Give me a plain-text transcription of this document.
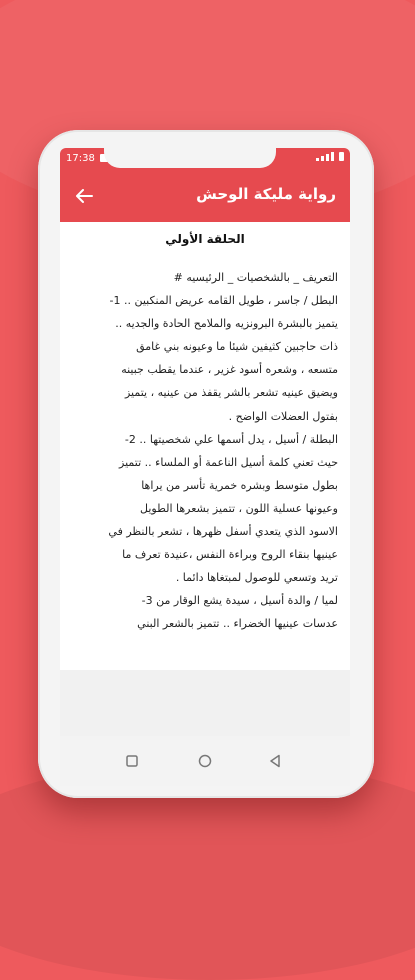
17:38
رواية مليكة الوحش
الحلقة الأولي

التعريف _ بالشخصيات _ الرئيسيه #

البطل / جاسر ، طويل القامه عريض المنكبين .. 1-
يتميز بالبشرة البرونزيه والملامح الحادة والجديه ..
ذات حاجبين كثيفين شيئا ما وعيونه بني غامق
متسعه ، وشعره أسود غزير ، عندما يقطب جبينه
ويضيق عينيه تشعر بالشر يقفذ من عينيه ، يتميز
بفتول العضلات الواضح .

البطلة / أسيل ، يدل أسمها علي شخصيتها .. 2-
حيث تعني كلمة أسيل الناعمة أو الملساء .. تتميز
بطول متوسط وبشره خمرية تأسر من يراها
وعيونها عسلية اللون ، تتميز بشعرها الطويل
الاسود الذي يتعدي أسفل ظهرها ، تشعر بالنظر في
عينيها بنقاء الروح وبراءة النفس ،عنيدة تعرف ما
تريد وتسعي للوصول لمبتغاها دائما .

لميا / والدة أسيل ، سيدة يشع الوقار من 3-
عدسات عينيها الخضراء .. تتميز بالشعر البني
